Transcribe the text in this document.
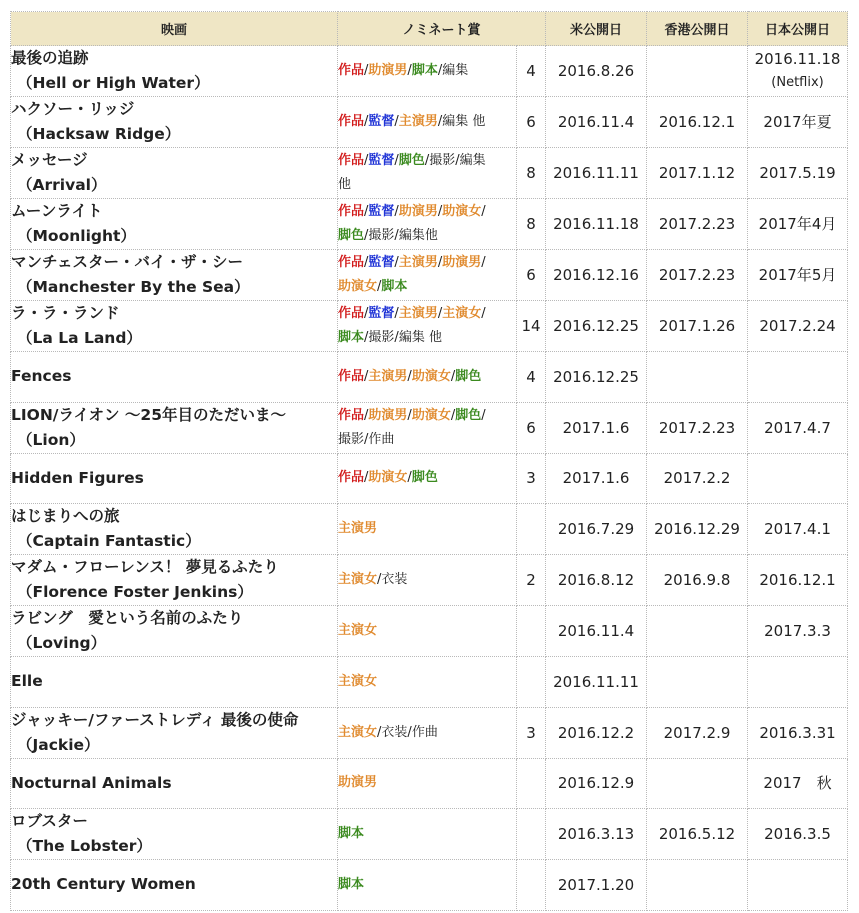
映画	ノミネート賞		米公開日	香港公開日	日本公開日

最後の追跡
（Hell or High Water）	作品/助演男/脚本/編集	4	2016.8.26		2016.11.18
(Netflix)

ハクソー・リッジ
（Hacksaw Ridge）	作品/監督/主演男/編集 他	6	2016.11.4	2016.12.1	2017年夏

メッセージ
（Arrival）	作品/監督/脚色/撮影/編集
他	8	2016.11.11	2017.1.12	2017.5.19

ムーンライト
（Moonlight）	作品/監督/助演男/助演女/
脚色/撮影/編集他	8	2016.11.18	2017.2.23	2017年4月

マンチェスター・バイ・ザ・シー
（Manchester By the Sea）	作品/監督/主演男/助演男/
助演女/脚本	6	2016.12.16	2017.2.23	2017年5月

ラ・ラ・ランド
（La La Land）	作品/監督/主演男/主演女/
脚本/撮影/編集 他	14	2016.12.25	2017.1.26	2017.2.24

Fences	作品/主演男/助演女/脚色	4	2016.12.25		

LION/ライオン ～25年目のただいま～
（Lion）	作品/助演男/助演女/脚色/
撮影/作曲	6	2017.1.6	2017.2.23	2017.4.7

Hidden Figures	作品/助演女/脚色	3	2017.1.6	2017.2.2	

はじまりへの旅
（Captain Fantastic）	主演男		2016.7.29	2016.12.29	2017.4.1

マダム・フローレンス！ 夢見るふたり
（Florence Foster Jenkins）	主演女/衣装	2	2016.8.12	2016.9.8	2016.12.1

ラビング　愛という名前のふたり
（Loving）	主演女		2016.11.4		2017.3.3

Elle	主演女		2016.11.11		

ジャッキー/ファーストレディ 最後の使命
（Jackie）	主演女/衣装/作曲	3	2016.12.2	2017.2.9	2016.3.31

Nocturnal Animals	助演男		2016.12.9		2017　秋

ロブスター
（The Lobster）	脚本		2016.3.13	2016.5.12	2016.3.5

20th Century Women	脚本		2017.1.20		
